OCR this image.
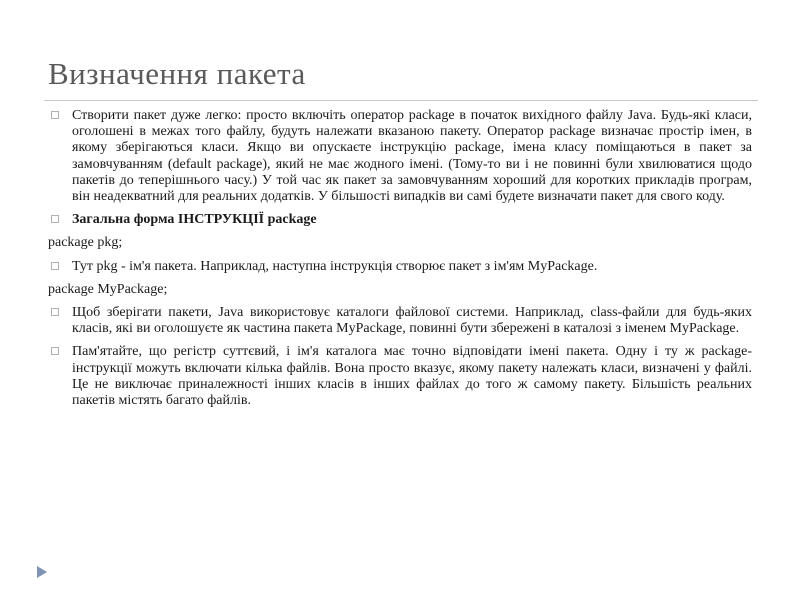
Визначення пакета
Створити пакет дуже легко: просто включіть оператор package в початок вихідного файлу Java. Будь-які класи, оголошені в межах того файлу, будуть належати вказаною пакету. Оператор package визначає простір імен, в якому зберігаються класи. Якщо ви опускаєте інструкцію package, імена класу поміщаються в пакет за замовчуванням (default package), який не має жодного імені. (Тому-то ви і не повинні були хвилюватися щодо пакетів до теперішнього часу.) У той час як пакет за замовчуванням хороший для коротких прикладів програм, він неадекватний для реальних додатків. У більшості випадків ви самі будете визначати пакет для свого коду.
Загальна форма ІНСТРУКЦІЇ package
package pkg;
Тут pkg - ім'я пакета. Наприклад, наступна інструкція створює пакет з ім'ям MyPackage.
package MyPackage;
Щоб зберігати пакети, Java використовує каталоги файлової системи. Наприклад, class-файли для будь-яких класів, які ви оголошуєте як частина пакета MyPackage, повинні бути збережені в каталозі з іменем MyPackage.
Пам'ятайте, що регістр суттєвий, і ім'я каталога має точно відповідати імені пакета. Одну і ту ж package-інструкції можуть включати кілька файлів. Вона просто вказує, якому пакету належать класи, визначені у файлі. Це не виключає приналежності інших класів в інших файлах до того ж самому пакету. Більшість реальних пакетів містять багато файлів.
